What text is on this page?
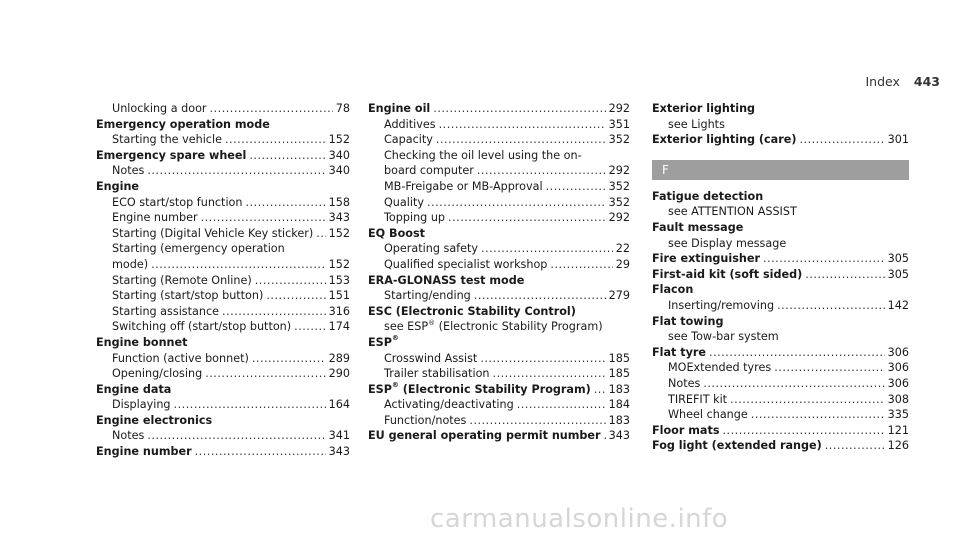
Index 443
Unlocking a door .....	78
Emergency operation mode
Starting the vehicle .....	152
Emergency spare wheel .....	340
Notes .....	340
Engine
ECO start/stop function .....	158
Engine number .....	343
Starting (Digital Vehicle Key sticker) ..... 152
Starting (emergency operation
mode) .....	152
Starting (Remote Online) .....	153
Starting (start/stop button) .....	151
Starting assistance .....	316
Switching off (start/stop button) .....	174
Engine bonnet
Function (active bonnet) .....	289
Opening/closing .....	290
Engine data
Displaying .....	164
Engine electronics
Notes .....	341
Engine number .....	343
Engine oil .....	292
Additives .....	351
Capacity .....	352
Checking the oil level using the on-
board computer .....	292
MB-Freigabe or MB-Approval .....	352
Quality .....	352
Topping up .....	292
EQ Boost
Operating safety .....	22
Qualified specialist workshop .....	29
ERA-GLONASS test mode
Starting/ending .....	279
ESC (Electronic Stability Control)
see ESP® (Electronic Stability Program)
ESP®
Crosswind Assist .....	185
Trailer stabilisation .....	185
ESP® (Electronic Stability Program) ..... 183
Activating/deactivating .....	184
Function/notes .....	183
EU general operating permit number ..... 343
Exterior lighting
see Lights
Exterior lighting (care) .....	301
F
Fatigue detection
see ATTENTION ASSIST
Fault message
see Display message
Fire extinguisher .....	305
First-aid kit (soft sided) .....	305
Flacon
Inserting/removing .....	142
Flat towing
see Tow-bar system
Flat tyre .....	306
MOExtended tyres .....	306
Notes .....	306
TIREFIT kit .....	308
Wheel change .....	335
Floor mats .....	121
Fog light (extended range) .....	126
carmanualsonline.info
